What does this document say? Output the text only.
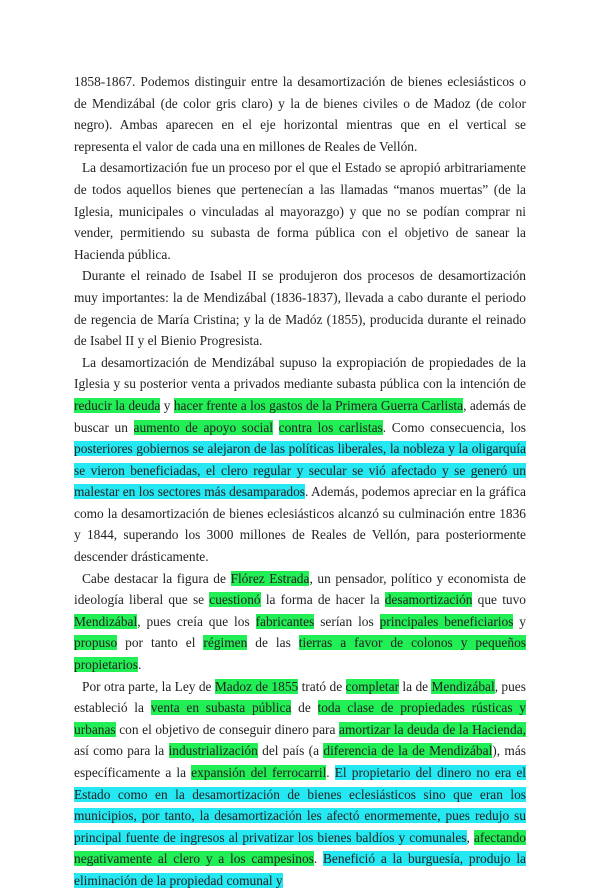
1858-1867. Podemos distinguir entre la desamortización de bienes eclesiásticos o de Mendizábal (de color gris claro) y la de bienes civiles o de Madoz (de color negro). Ambas aparecen en el eje horizontal mientras que en el vertical se representa el valor de cada una en millones de Reales de Vellón.

La desamortización fue un proceso por el que el Estado se apropió arbitrariamente de todos aquellos bienes que pertenecían a las llamadas “manos muertas” (de la Iglesia, municipales o vinculadas al mayorazgo) y que no se podían comprar ni vender, permitiendo su subasta de forma pública con el objetivo de sanear la Hacienda pública.

Durante el reinado de Isabel II se produjeron dos procesos de desamortización muy importantes: la de Mendizábal (1836-1837), llevada a cabo durante el periodo de regencia de María Cristina; y la de Madóz (1855), producida durante el reinado de Isabel II y el Bienio Progresista.

La desamortización de Mendizábal supuso la expropiación de propiedades de la Iglesia y su posterior venta a privados mediante subasta pública con la intención de reducir la deuda y hacer frente a los gastos de la Primera Guerra Carlista, además de buscar un aumento de apoyo social contra los carlistas. Como consecuencia, los posteriores gobiernos se alejaron de las políticas liberales, la nobleza y la oligarquía se vieron beneficiadas, el clero regular y secular se vió afectado y se generó un malestar en los sectores más desamparados. Además, podemos apreciar en la gráfica como la desamortización de bienes eclesiásticos alcanzó su culminación entre 1836 y 1844, superando los 3000 millones de Reales de Vellón, para posteriormente descender drásticamente.

Cabe destacar la figura de Flórez Estrada, un pensador, político y economista de ideología liberal que se cuestionó la forma de hacer la desamortización que tuvo Mendizábal, pues creía que los fabricantes serían los principales beneficiarios y propuso por tanto el régimen de las tierras a favor de colonos y pequeños propietarios.

Por otra parte, la Ley de Madoz de 1855 trató de completar la de Mendizábal, pues estableció la venta en subasta pública de toda clase de propiedades rústicas y urbanas con el objetivo de conseguir dinero para amortizar la deuda de la Hacienda, así como para la industrialización del país (a diferencia de la de Mendizábal), más específicamente a la expansión del ferrocarril. El propietario del dinero no era el Estado como en la desamortización de bienes eclesiásticos sino que eran los municipios, por tanto, la desamortización les afectó enormemente, pues redujo su principal fuente de ingresos al privatizar los bienes baldíos y comunales, afectando negativamente al clero y a los campesinos. Benefició a la burguesía, produjo la eliminación de la propiedad comunal y
